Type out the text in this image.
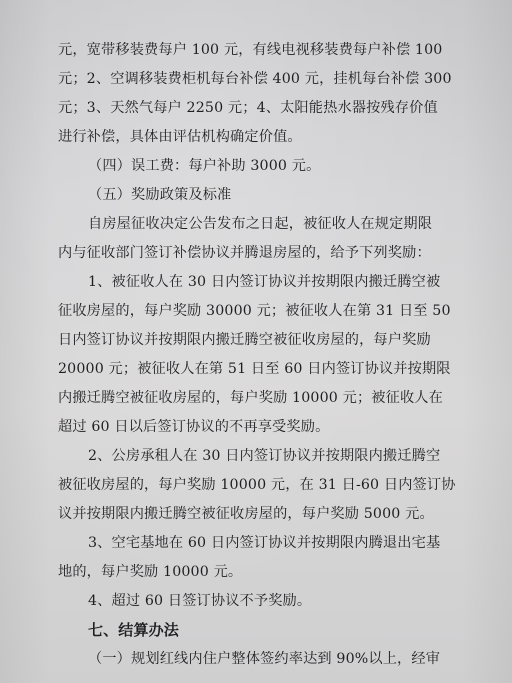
元，宽带移装费每户 100 元，有线电视移装费每户补偿 100
元；2、空调移装费柜机每台补偿 400 元，挂机每台补偿 300
元；3、天然气每户 2250 元；4、太阳能热水器按残存价值
进行补偿，具体由评估机构确定价值。
（四）误工费：每户补助 3000 元。
（五）奖励政策及标准
自房屋征收决定公告发布之日起，被征收人在规定期限
内与征收部门签订补偿协议并腾退房屋的，给予下列奖励：
1、被征收人在 30 日内签订协议并按期限内搬迁腾空被
征收房屋的，每户奖励 30000 元；被征收人在第 31 日至 50
日内签订协议并按期限内搬迁腾空被征收房屋的，每户奖励
20000 元；被征收人在第 51 日至 60 日内签订协议并按期限
内搬迁腾空被征收房屋的，每户奖励 10000 元；被征收人在
超过 60 日以后签订协议的不再享受奖励。
2、公房承租人在 30 日内签订协议并按期限内搬迁腾空
被征收房屋的，每户奖励 10000 元，在 31 日-60 日内签订协
议并按期限内搬迁腾空被征收房屋的，每户奖励 5000 元。
3、空宅基地在 60 日内签订协议并按期限内腾退出宅基
地的，每户奖励 10000 元。
4、超过 60 日签订协议不予奖励。
七、结算办法
（一）规划红线内住户整体签约率达到 90%以上，经审
